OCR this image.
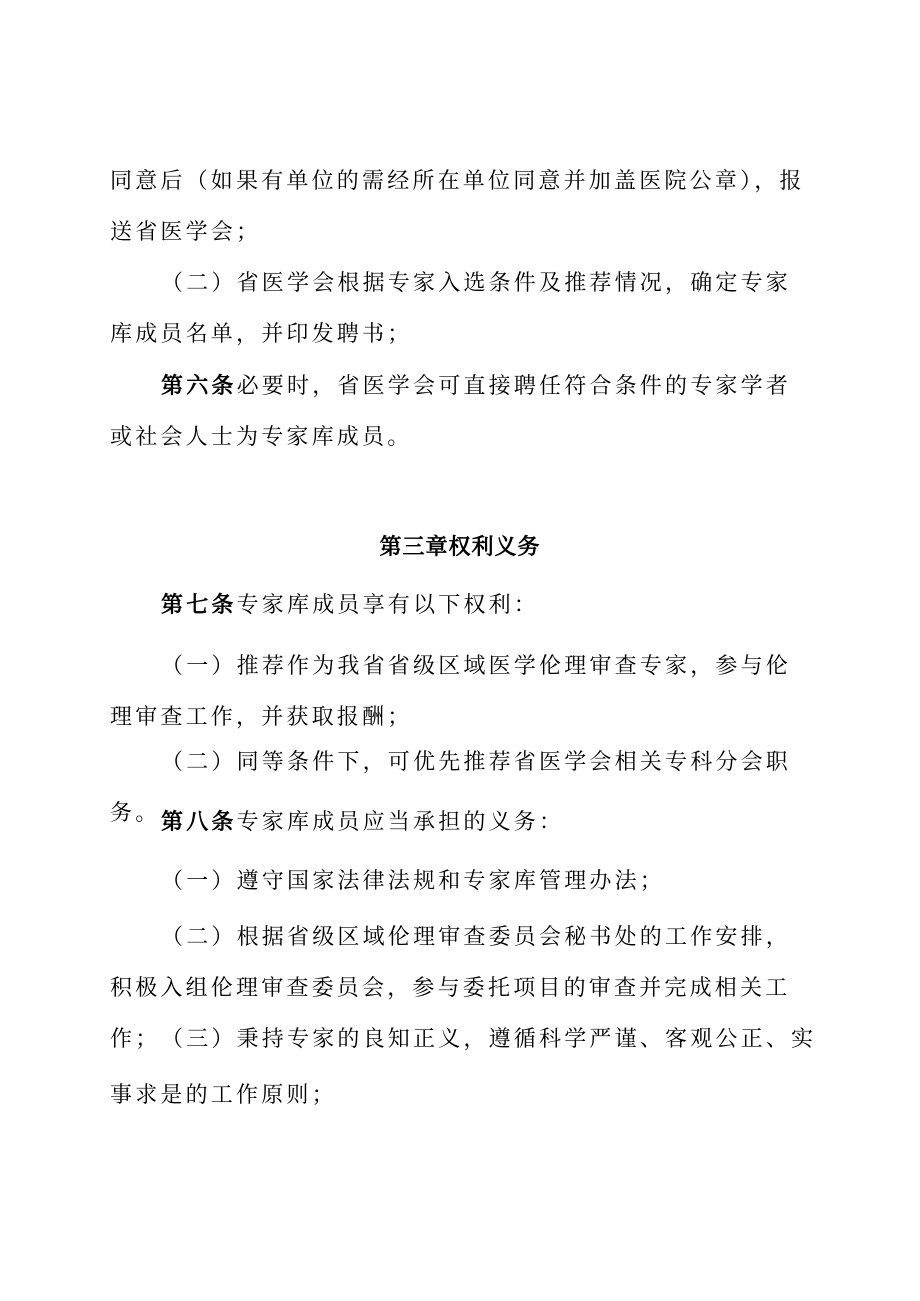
同意后（如果有单位的需经所在单位同意并加盖医院公章），报送省医学会；

（二）省医学会根据专家入选条件及推荐情况，确定专家库成员名单，并印发聘书；

第六条必要时，省医学会可直接聘任符合条件的专家学者或社会人士为专家库成员。

第三章权利义务

第七条专家库成员享有以下权利：

（一）推荐作为我省省级区域医学伦理审查专家，参与伦理审查工作，并获取报酬；

（二）同等条件下，可优先推荐省医学会相关专科分会职务。 第八条专家库成员应当承担的义务：

（一）遵守国家法律法规和专家库管理办法；

（二）根据省级区域伦理审查委员会秘书处的工作安排，积极入组伦理审查委员会，参与委托项目的审查并完成相关工作； （三）秉持专家的良知正义，遵循科学严谨、客观公正、实

事求是的工作原则；
